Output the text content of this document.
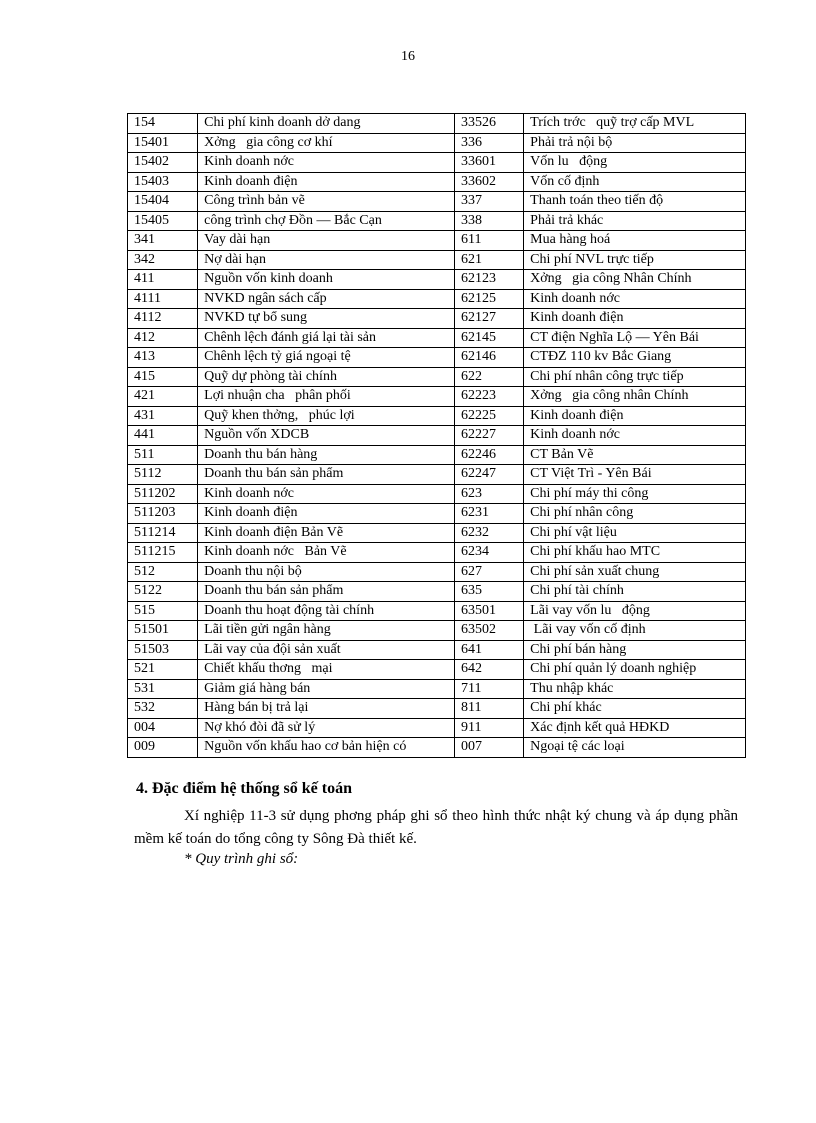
16
154	Chi phí kinh doanh dở dang	33526	Trích trớc   quỹ trợ cấp MVL
15401	Xởng   gia công cơ khí	336	Phải trả nội bộ
15402	Kinh doanh nớc	33601	Vốn lu   động
15403	Kinh doanh điện	33602	Vốn cố định
15404	Công trình bản vẽ	337	Thanh toán theo tiến độ
15405	công trình chợ Đồn — Bắc Cạn	338	Phải trả khác
341	Vay dài hạn	611	Mua hàng hoá
342	Nợ dài hạn	621	Chi phí NVL trực tiếp
411	Nguồn vốn kinh doanh	62123	Xởng   gia công Nhân Chính
4111	NVKD ngân sách cấp	62125	Kinh doanh nớc
4112	NVKD tự bổ sung	62127	Kinh doanh điện
412	Chênh lệch đánh giá lại tài sản	62145	CT điện Nghĩa Lộ — Yên Bái
413	Chênh lệch tỷ giá ngoại tệ	62146	CTĐZ 110 kv Bắc Giang
415	Quỹ dự phòng tài chính	622	Chi phí nhân công trực tiếp
421	Lợi nhuận cha   phân phối	62223	Xởng   gia công nhân Chính
431	Quỹ khen thởng,   phúc lợi	62225	Kinh doanh điện
441	Nguồn vốn XDCB	62227	Kinh doanh nớc
511	Doanh thu bán hàng	62246	CT Bản Vẽ
5112	Doanh thu bán sản phẩm	62247	CT Việt Trì - Yên Bái
511202	Kinh doanh nớc	623	Chi phí máy thi công
511203	Kinh doanh điện	6231	Chi phí nhân công
511214	Kinh doanh điện Bản Vẽ	6232	Chi phí vật liệu
511215	Kinh doanh nớc   Bản Vẽ	6234	Chi phí khấu hao MTC
512	Doanh thu nội bộ	627	Chi phí sản xuất chung
5122	Doanh thu bán sản phẩm	635	Chi phí tài chính
515	Doanh thu hoạt động tài chính	63501	Lãi vay vốn lu   động
51501	Lãi tiền gửi ngân hàng	63502	Lãi vay vốn cố định
51503	Lãi vay của đội sản xuất	641	Chi phí bán hàng
521	Chiết khấu thơng   mại	642	Chi phí quản lý doanh nghiệp
531	Giảm giá hàng bán	711	Thu nhập khác
532	Hàng bán bị trả lại	811	Chi phí khác
004	Nợ khó đòi đã sử lý	911	Xác định kết quả HĐKD
009	Nguồn vốn khấu hao cơ bản hiện có	007	Ngoại tệ các loại
4. Đặc điểm hệ thống sổ kế toán

Xí nghiệp 11-3 sử dụng phơng pháp ghi sổ theo hình thức nhật ký chung và áp dụng phần mềm kế toán do tổng công ty Sông Đà thiết kế.

* Quy trình ghi sổ:
